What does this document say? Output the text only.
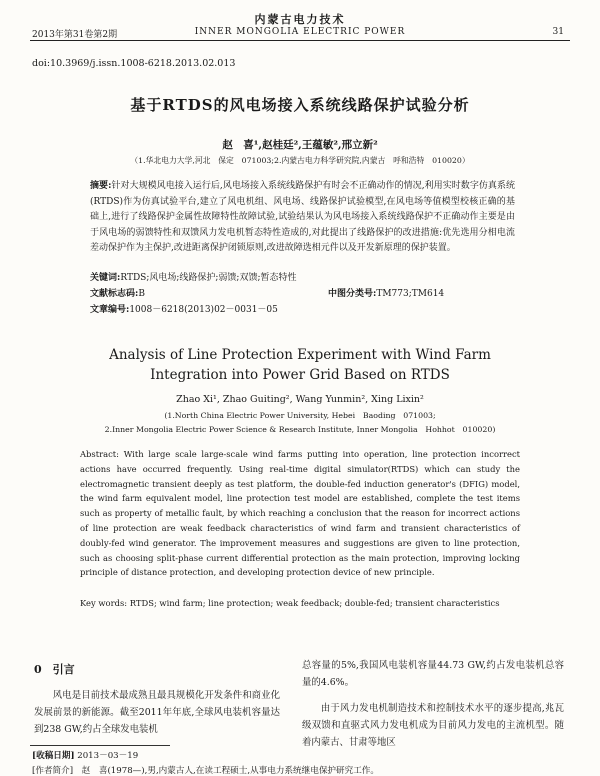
内蒙古电力技术
2013年第31卷第2期	INNER MONGOLIA ELECTRIC POWER	31
doi:10.3969/j.issn.1008-6218.2013.02.013
基于RTDS的风电场接入系统线路保护试验分析
赵　喜¹,赵桂廷²,王蕴敏²,邢立新²
（1.华北电力大学,河北　保定　071003;2.内蒙古电力科学研究院,内蒙古　呼和浩特　010020）
摘要:针对大规模风电接入运行后,风电场接入系统线路保护有时会不正确动作的情况,利用实时数字仿真系统(RTDS)作为仿真试验平台,建立了风电机组、风电场、线路保护试验模型,在风电场等值模型校核正确的基础上,进行了线路保护金属性故障特性故障试验,试验结果认为风电场接入系统线路保护不正确动作主要是由于风电场的弱馈特性和双馈风力发电机暂态特性造成的,对此提出了线路保护的改进措施:优先选用分相电流差动保护作为主保护,改进距离保护闭锁原则,改进故障选相元件以及开发新原理的保护装置。
关键词:RTDS;风电场;线路保护;弱馈;双馈;暂态特性
文献标志码:B	中图分类号:TM773;TM614
文章编号:1008－6218(2013)02－0031－05
Analysis of Line Protection Experiment with Wind Farm
Integration into Power Grid Based on RTDS
Zhao Xi¹, Zhao Guiting², Wang Yunmin², Xing Lixin²
(1.North China Electric Power University, Hebei　Baoding　071003;
2.Inner Mongolia Electric Power Science & Research Institute, Inner Mongolia　Hohhot　010020)

Abstract: With large scale large-scale wind farms putting into operation, line protection incorrect actions have occurred frequently. Using real-time digital simulator(RTDS) which can study the electromagnetic transient deeply as test platform, the double-fed induction generator's (DFIG) model, the wind farm equivalent model, line protection test model are established, complete the test items such as property of metallic fault, by which reaching a conclusion that the reason for incorrect actions of line protection are weak feedback characteristics of wind farm and transient characteristics of doubly-fed wind generator. The improvement measures and suggestions are given to line protection, such as choosing split-phase current differential protection as the main protection, improving locking principle of distance protection, and developing protection device of new principle.

Key words: RTDS; wind farm; line protection; weak feedback; double-fed; transient characteristics
0　 引言

风电是目前技术最成熟且最具规模化开发条件和商业化发展前景的新能源。截至2011年年底,全球风电装机容量达到238 GW,约占全球发电装机

总容量的5%,我国风电装机容量44.73 GW,约占发电装机总容量的4.6%。

由于风力发电机制造技术和控制技术水平的逐步提高,兆瓦级双馈和直驱式风力发电机成为目前风力发电的主流机型。随着内蒙古、甘肃等地区

[收稿日期] 2013－03－19
[作者简介]　赵　喜(1978—),男,内蒙古人,在读工程硕士,从事电力系统继电保护研究工作。
